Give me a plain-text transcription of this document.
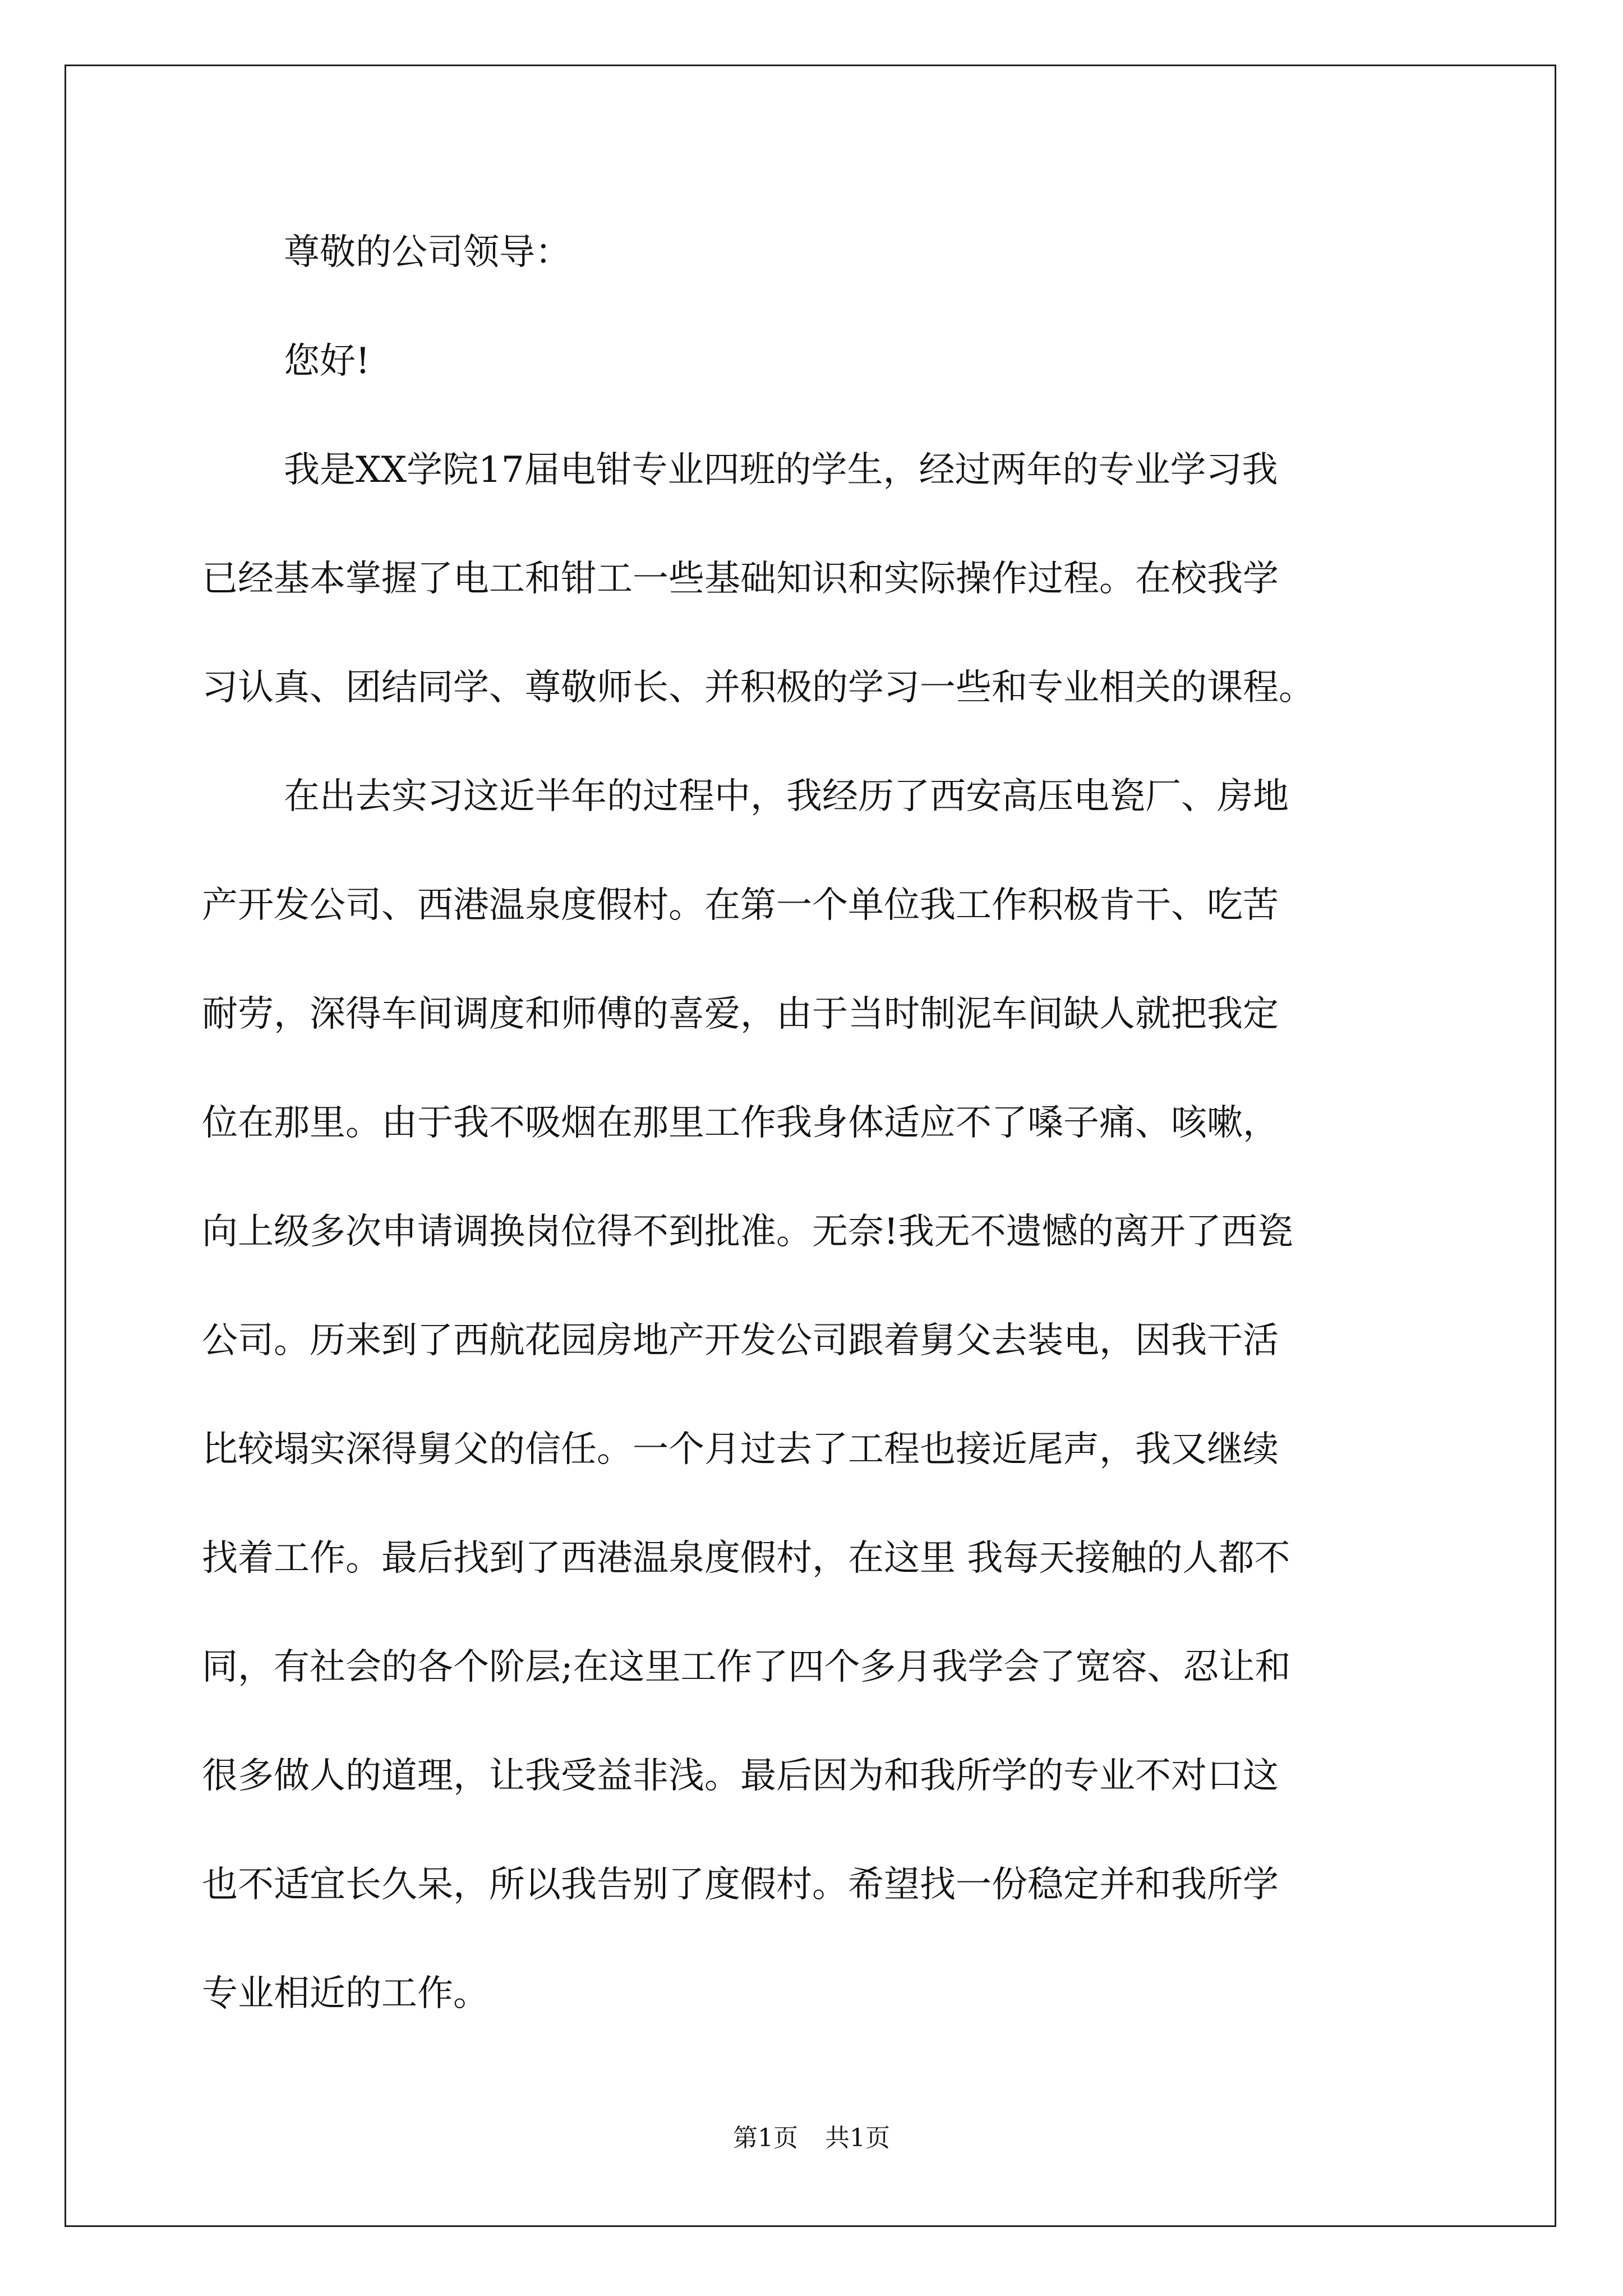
尊敬的公司领导：
您好!
我是XX学院17届电钳专业四班的学生，经过两年的专业学习我
已经基本掌握了电工和钳工一些基础知识和实际操作过程。在校我学
习认真、团结同学、尊敬师长、并积极的学习一些和专业相关的课程。
在出去实习这近半年的过程中，我经历了西安高压电瓷厂、房地
产开发公司、西港温泉度假村。在第一个单位我工作积极肯干、吃苦
耐劳，深得车间调度和师傅的喜爱，由于当时制泥车间缺人就把我定
位在那里。由于我不吸烟在那里工作我身体适应不了嗓子痛、咳嗽，
向上级多次申请调换岗位得不到批准。无奈!我无不遗憾的离开了西瓷
公司。历来到了西航花园房地产开发公司跟着舅父去装电，因我干活
比较塌实深得舅父的信任。一个月过去了工程也接近尾声，我又继续
找着工作。最后找到了西港温泉度假村，在这里 我每天接触的人都不
同，有社会的各个阶层;在这里工作了四个多月我学会了宽容、忍让和
很多做人的道理，让我受益非浅。最后因为和我所学的专业不对口这
也不适宜长久呆，所以我告别了度假村。希望找一份稳定并和我所学
专业相近的工作。
第1页 共1页
